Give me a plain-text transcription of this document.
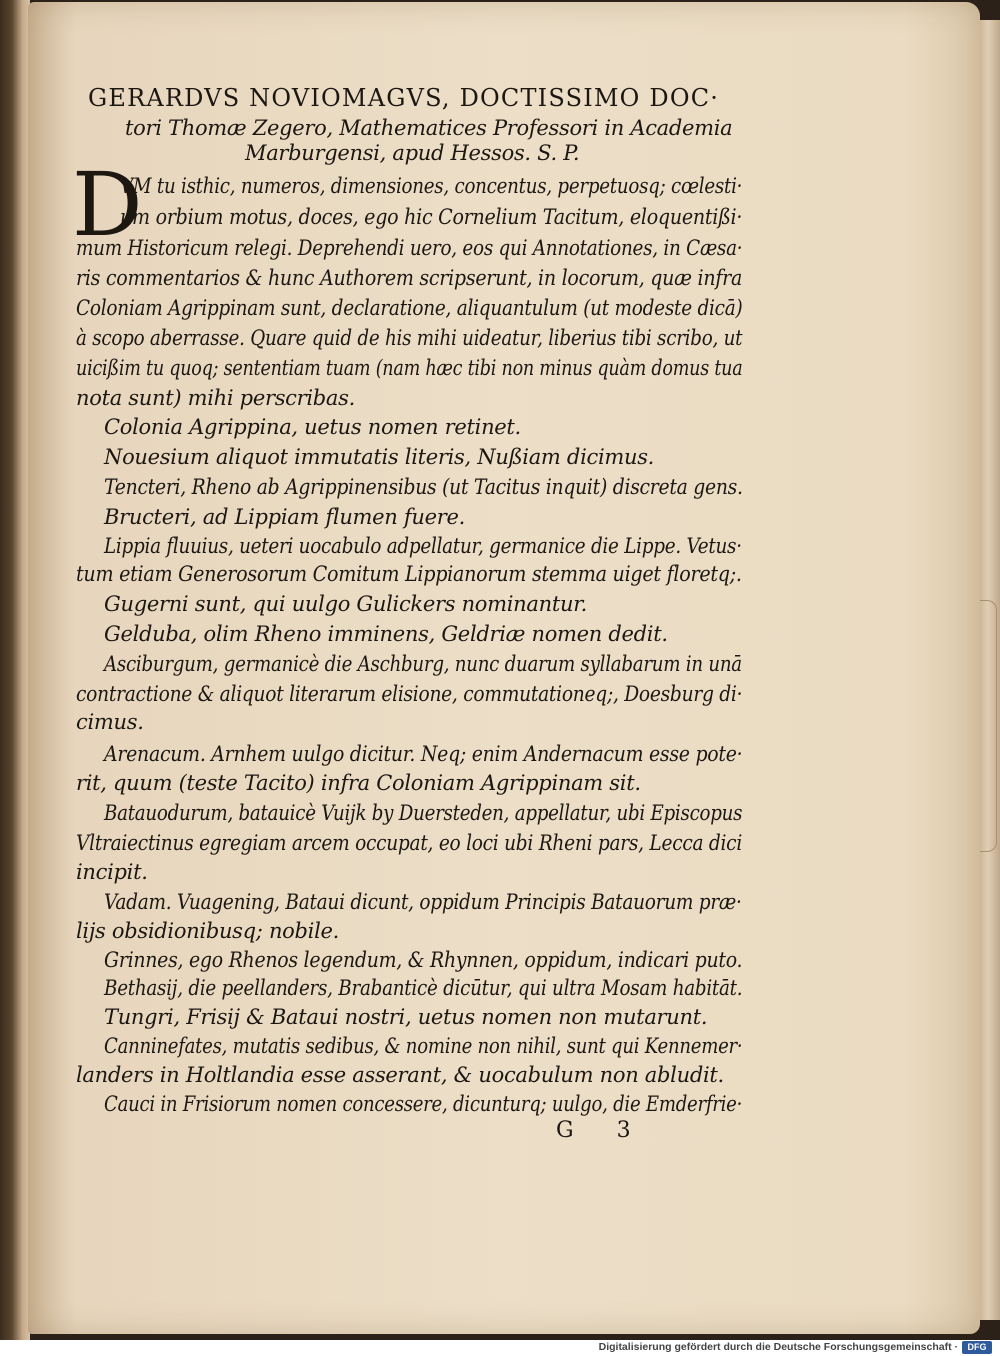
GERARDVS NOVIOMAGVS, DOCTISSIMO DOC·
tori Thomæ Zegero, Mathematices Professori in Academia
Marburgensi, apud Hessos. S. P.
D
VM tu isthic, numeros, dimensiones, concentus, perpetuosq; cœlesti·
um orbium motus, doces, ego hic Cornelium Tacitum, eloquentißi·
mum Historicum relegi. Deprehendi uero, eos qui Annotationes, in Cæsa·
ris commentarios & hunc Authorem scripserunt, in locorum, quæ infra
Coloniam Agrippinam sunt, declaratione, aliquantulum (ut modeste dicā)
à scopo aberrasse. Quare quid de his mihi uideatur, liberius tibi scribo, ut
uicißim tu quoq; sententiam tuam (nam hæc tibi non minus quàm domus tua
nota sunt) mihi perscribas.
Colonia Agrippina, uetus nomen retinet.
Nouesium aliquot immutatis literis, Nußiam dicimus.
Tencteri, Rheno ab Agrippinensibus (ut Tacitus inquit) discreta gens.
Bructeri, ad Lippiam flumen fuere.
Lippia fluuius, ueteri uocabulo adpellatur, germanice die Lippe. Vetus·
tum etiam Generosorum Comitum Lippianorum stemma uiget floretq;.
Gugerni sunt, qui uulgo Gulickers nominantur.
Gelduba, olim Rheno imminens, Geldriæ nomen dedit.
Asciburgum, germanicè die Aschburg, nunc duarum syllabarum in unā
contractione & aliquot literarum elisione, commutationeq;, Doesburg di·
cimus.
Arenacum. Arnhem uulgo dicitur. Neq; enim Andernacum esse pote·
rit, quum (teste Tacito) infra Coloniam Agrippinam sit.
Batauodurum, batauicè Vuijk by Duersteden, appellatur, ubi Episcopus
Vltraiectinus egregiam arcem occupat, eo loci ubi Rheni pars, Lecca dici
incipit.
Vadam. Vuagening, Bataui dicunt, oppidum Principis Batauorum præ·
lijs obsidionibusq; nobile.
Grinnes, ego Rhenos legendum, & Rhynnen, oppidum, indicari puto.
Bethasij, die peellanders, Brabanticè dicūtur, qui ultra Mosam habitāt.
Tungri, Frisij & Bataui nostri, uetus nomen non mutarunt.
Canninefates, mutatis sedibus, & nomine non nihil, sunt qui Kennemer·
landers in Holtlandia esse asserant, & uocabulum non abludit.
Cauci in Frisiorum nomen concessere, dicunturq; uulgo, die Emderfrie·
G 3
Digitalisierung gefördert durch die Deutsche Forschungsgemeinschaft ·	DFG
